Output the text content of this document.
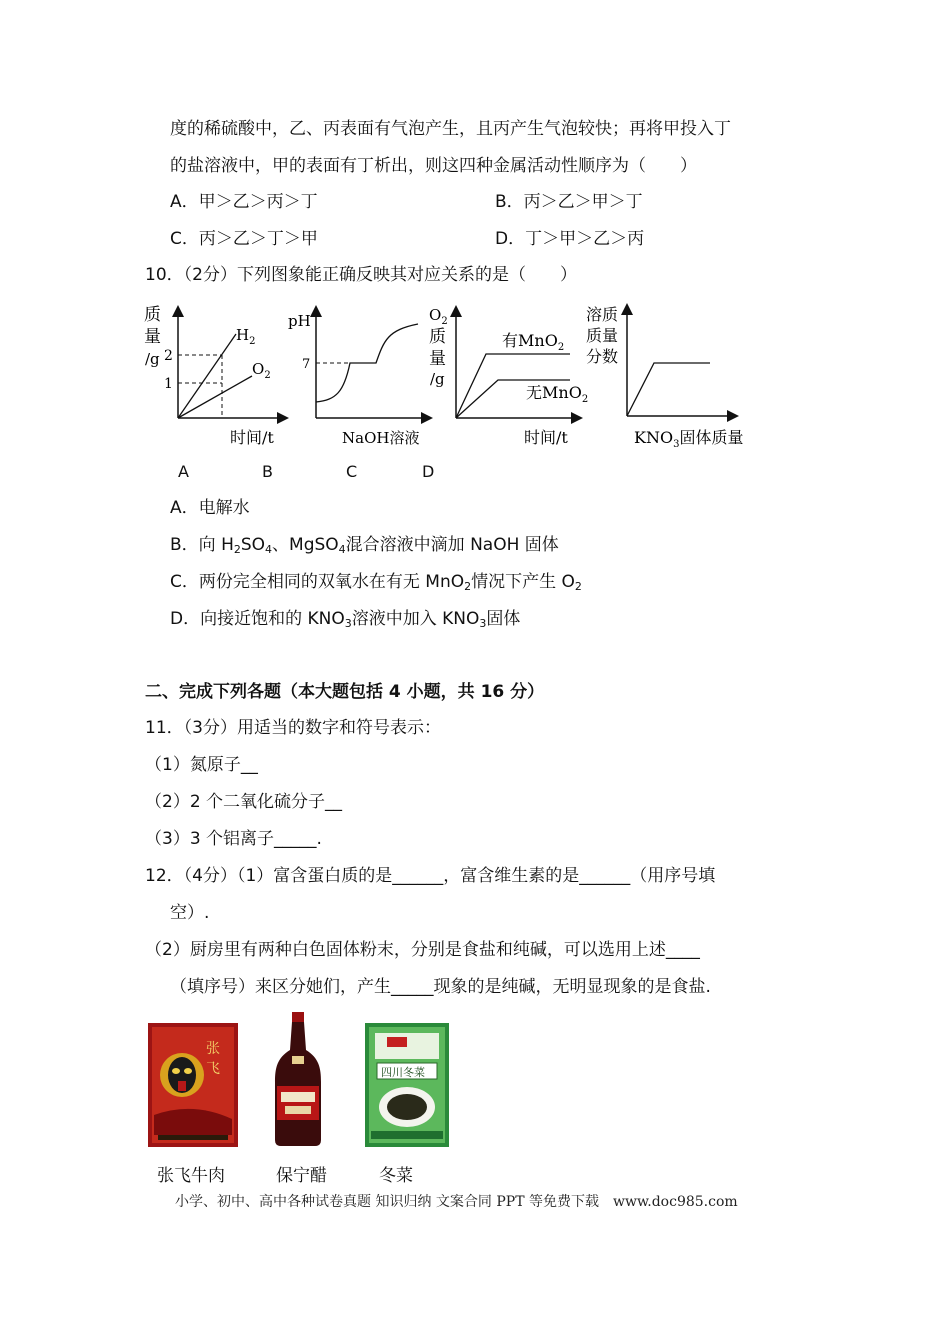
度的稀硫酸中，乙、丙表面有气泡产生，且丙产生气泡较快；再将甲投入丁
的盐溶液中，甲的表面有丁析出，则这四种金属活动性顺序为（　　）
A．甲＞乙＞丙＞丁	B．丙＞乙＞甲＞丁
C．丙＞乙＞丁＞甲	D．丁＞甲＞乙＞丙
10．（2分）下列图象能正确反映其对应关系的是（　　）
质
量
/g 2
1
$H_2$
$O_2$
时间/t
pH
7
NaOH溶液
$O_2$
质
量
/g
有MnO$_2$
无MnO$_2$
时间/t
溶质
质量
分数
$KNO_3$固体质量
A	B	C	D
A．电解水
B．向 $H_2SO_4$、MgSO$_4$混合溶液中滴加 NaOH 固体
C．两份完全相同的双氧水在有无 MnO$_2$情况下产生 $O_2$
D．向接近饱和的 $KNO_3$溶液中加入 $KNO_3$固体
二、完成下列各题（本大题包括 4 小题，共 16 分）
11．（3分）用适当的数字和符号表示：
（1）氮原子__
（2）2 个二氧化硫分子__
（3）3 个铝离子_____.
12．（4分）（1）富含蛋白质的是______，富含维生素的是______（用序号填
空）.
（2）厨房里有两种白色固体粉末，分别是食盐和纯碱，可以选用上述____
（填序号）来区分她们，产生_____现象的是纯碱，无明显现象的是食盐.
张
飞	四川冬菜
张飞牛肉	保宁醋	冬菜
小学、初中、高中各种试卷真题 知识归纳 文案合同 PPT 等免费下载　www.doc985.com
